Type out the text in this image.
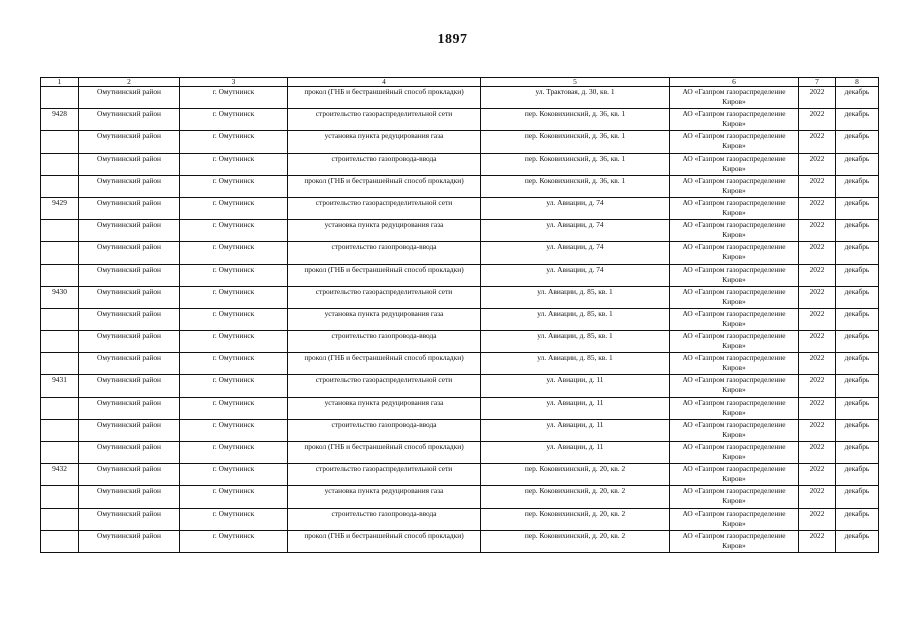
1897
1	2	3	4	5	6	7	8
	Омутнинский район	г. Омутнинск	прокол (ГНБ и бестраншейный способ прокладки)	ул. Трактовая, д. 30, кв. 1	АО «Газпром газораспределение Киров»	2022	декабрь
9428	Омутнинский район	г. Омутнинск	строительство газораспределительной сети	пер. Коковихинский, д. 36, кв. 1	АО «Газпром газораспределение Киров»	2022	декабрь
	Омутнинский район	г. Омутнинск	установка пункта редуцирования газа	пер. Коковихинский, д. 36, кв. 1	АО «Газпром газораспределение Киров»	2022	декабрь
	Омутнинский район	г. Омутнинск	строительство газопровода-ввода	пер. Коковихинский, д. 36, кв. 1	АО «Газпром газораспределение Киров»	2022	декабрь
	Омутнинский район	г. Омутнинск	прокол (ГНБ и бестраншейный способ прокладки)	пер. Коковихинский, д. 36, кв. 1	АО «Газпром газораспределение Киров»	2022	декабрь
9429	Омутнинский район	г. Омутнинск	строительство газораспределительной сети	ул. Авиации, д. 74	АО «Газпром газораспределение Киров»	2022	декабрь
	Омутнинский район	г. Омутнинск	установка пункта редуцирования газа	ул. Авиации, д. 74	АО «Газпром газораспределение Киров»	2022	декабрь
	Омутнинский район	г. Омутнинск	строительство газопровода-ввода	ул. Авиации, д. 74	АО «Газпром газораспределение Киров»	2022	декабрь
	Омутнинский район	г. Омутнинск	прокол (ГНБ и бестраншейный способ прокладки)	ул. Авиации, д. 74	АО «Газпром газораспределение Киров»	2022	декабрь
9430	Омутнинский район	г. Омутнинск	строительство газораспределительной сети	ул. Авиации, д. 85, кв. 1	АО «Газпром газораспределение Киров»	2022	декабрь
	Омутнинский район	г. Омутнинск	установка пункта редуцирования газа	ул. Авиации, д. 85, кв. 1	АО «Газпром газораспределение Киров»	2022	декабрь
	Омутнинский район	г. Омутнинск	строительство газопровода-ввода	ул. Авиации, д. 85, кв. 1	АО «Газпром газораспределение Киров»	2022	декабрь
	Омутнинский район	г. Омутнинск	прокол (ГНБ и бестраншейный способ прокладки)	ул. Авиации, д. 85, кв. 1	АО «Газпром газораспределение Киров»	2022	декабрь
9431	Омутнинский район	г. Омутнинск	строительство газораспределительной сети	ул. Авиации, д. 11	АО «Газпром газораспределение Киров»	2022	декабрь
	Омутнинский район	г. Омутнинск	установка пункта редуцирования газа	ул. Авиации, д. 11	АО «Газпром газораспределение Киров»	2022	декабрь
	Омутнинский район	г. Омутнинск	строительство газопровода-ввода	ул. Авиации, д. 11	АО «Газпром газораспределение Киров»	2022	декабрь
	Омутнинский район	г. Омутнинск	прокол (ГНБ и бестраншейный способ прокладки)	ул. Авиации, д. 11	АО «Газпром газораспределение Киров»	2022	декабрь
9432	Омутнинский район	г. Омутнинск	строительство газораспределительной сети	пер. Коковихинский, д. 20, кв. 2	АО «Газпром газораспределение Киров»	2022	декабрь
	Омутнинский район	г. Омутнинск	установка пункта редуцирования газа	пер. Коковихинский, д. 20, кв. 2	АО «Газпром газораспределение Киров»	2022	декабрь
	Омутнинский район	г. Омутнинск	строительство газопровода-ввода	пер. Коковихинский, д. 20, кв. 2	АО «Газпром газораспределение Киров»	2022	декабрь
	Омутнинский район	г. Омутнинск	прокол (ГНБ и бестраншейный способ прокладки)	пер. Коковихинский, д. 20, кв. 2	АО «Газпром газораспределение Киров»	2022	декабрь
